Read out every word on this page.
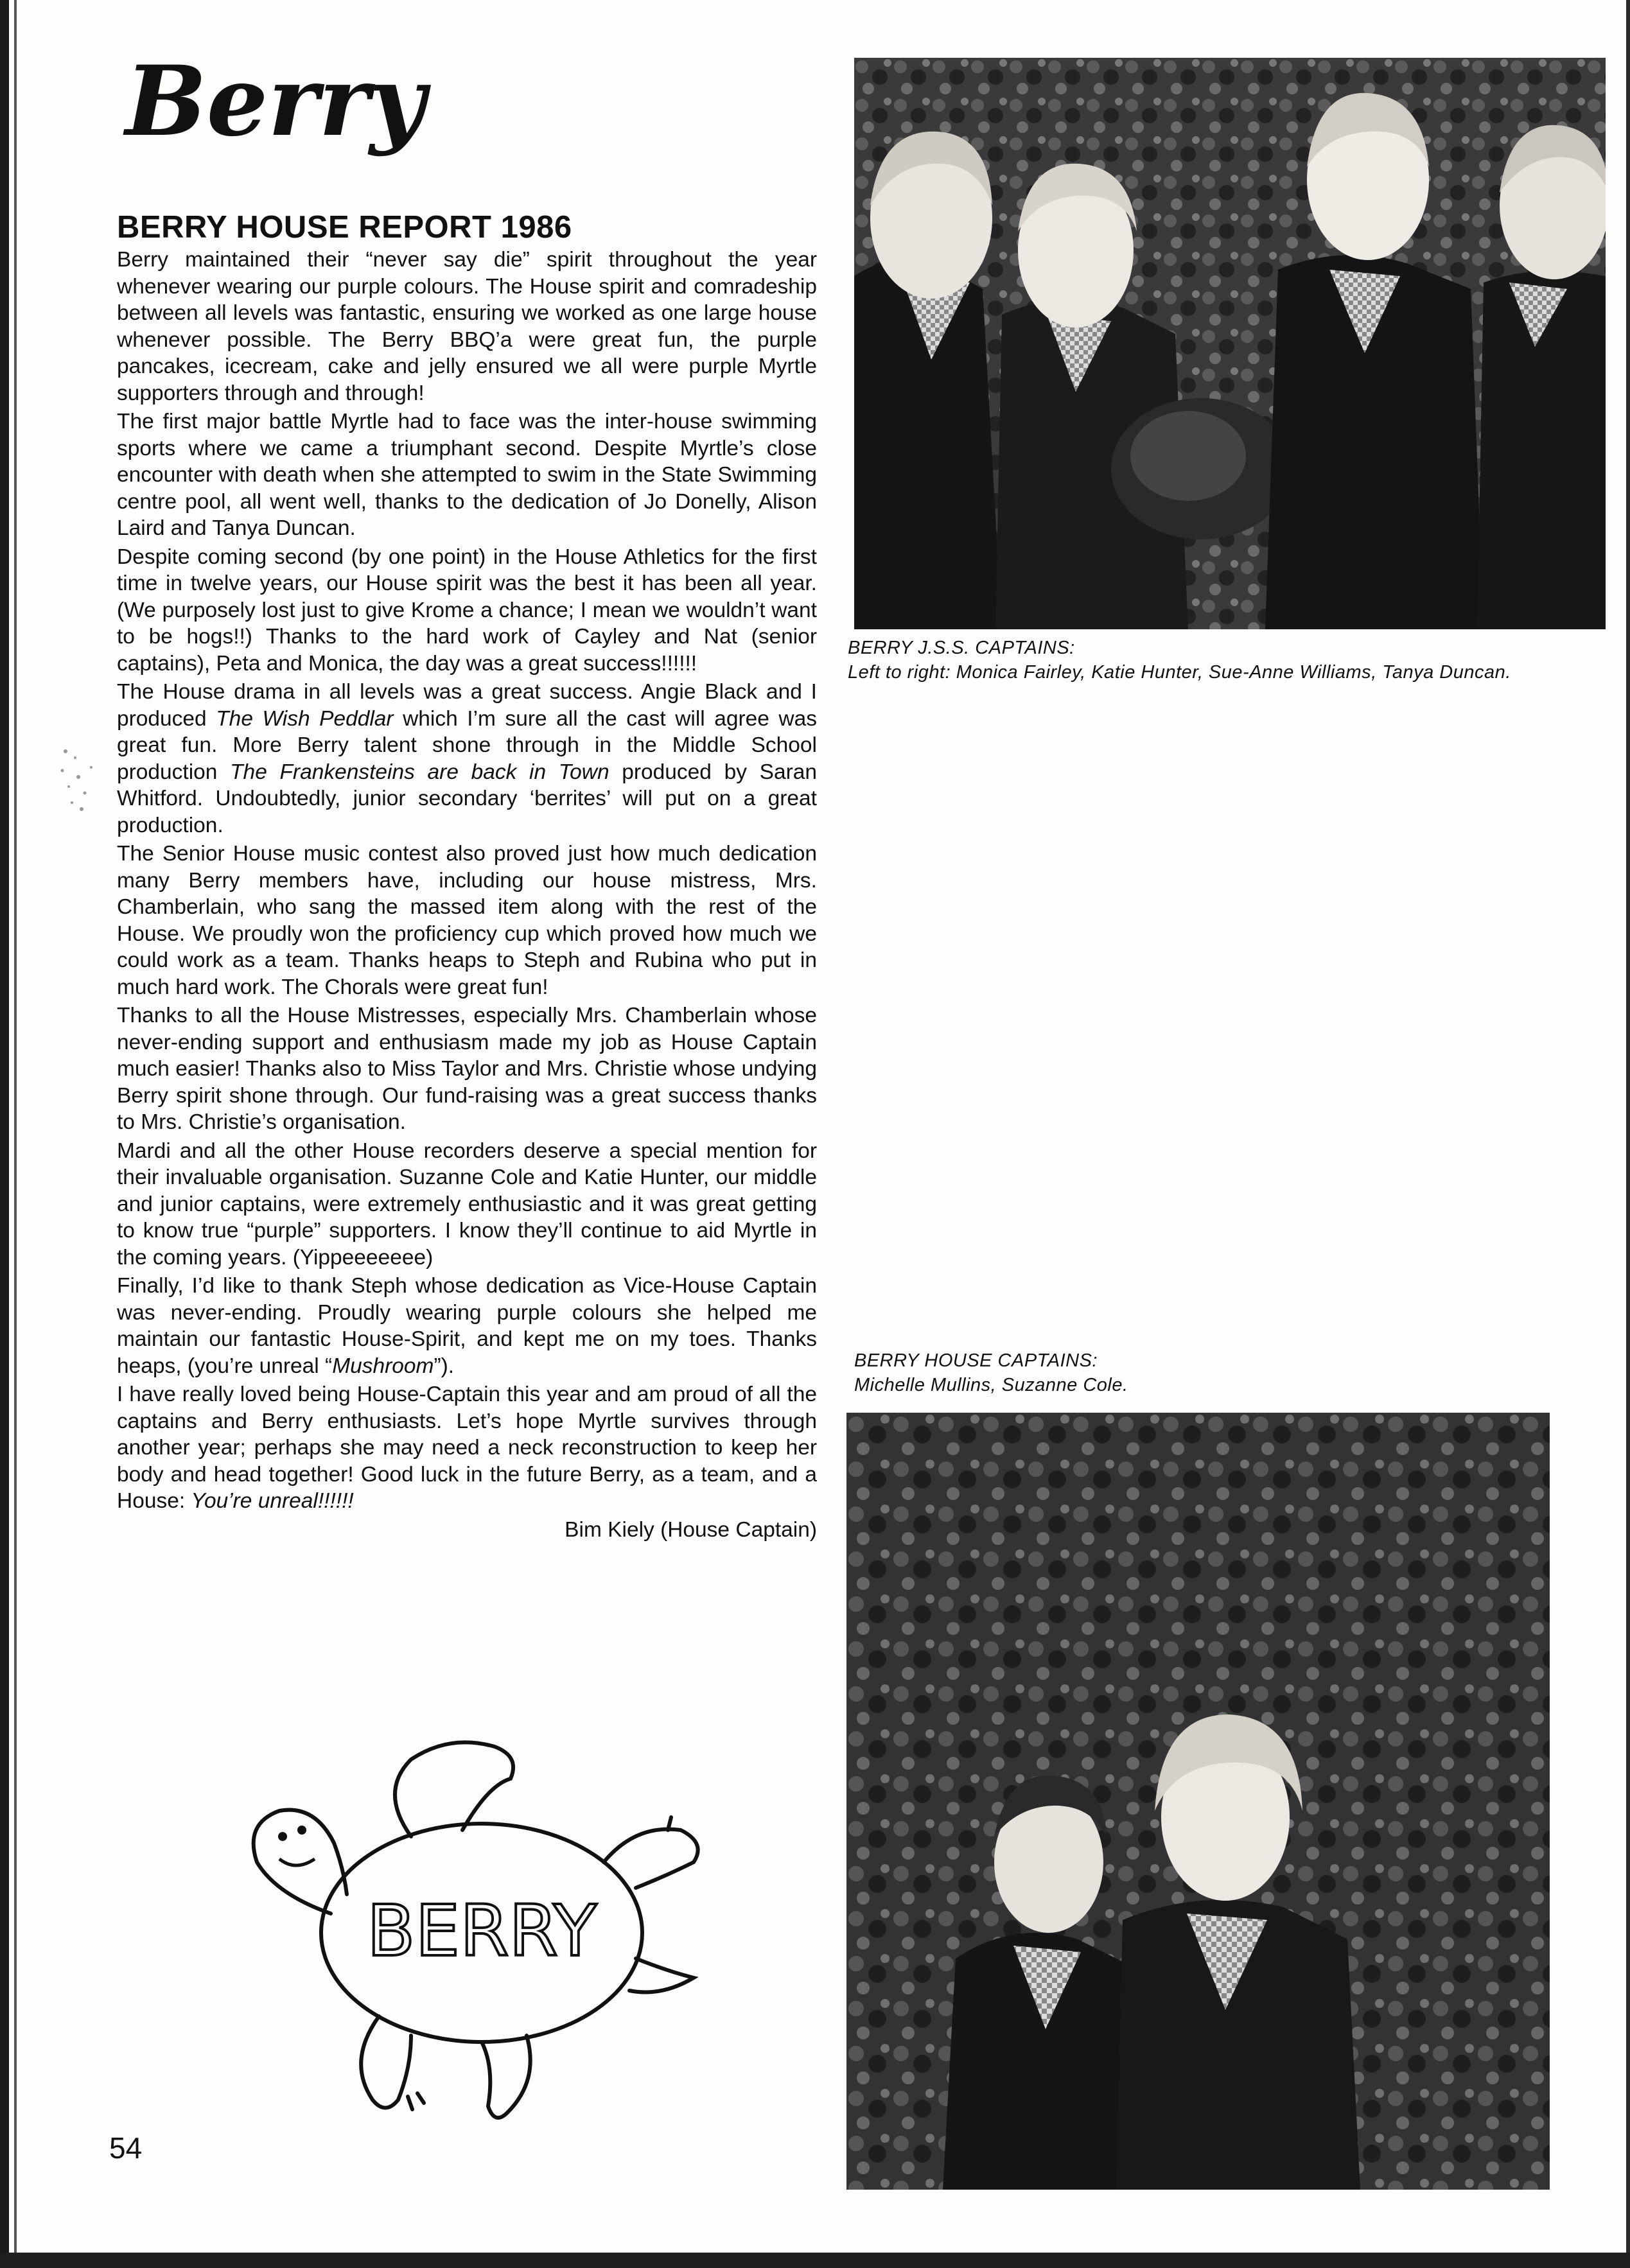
Berry
BERRY HOUSE REPORT 1986

Berry maintained their “never say die” spirit throughout the year whenever wearing our purple colours. The House spirit and comradeship between all levels was fantastic, ensuring we worked as one large house whenever possible. The Berry BBQ’a were great fun, the purple pancakes, icecream, cake and jelly ensured we all were purple Myrtle supporters through and through!

The first major battle Myrtle had to face was the inter-house swimming sports where we came a triumphant second. Despite Myrtle’s close encounter with death when she attempted to swim in the State Swimming centre pool, all went well, thanks to the dedication of Jo Donelly, Alison Laird and Tanya Duncan.

Despite coming second (by one point) in the House Athletics for the first time in twelve years, our House spirit was the best it has been all year. (We purposely lost just to give Krome a chance; I mean we wouldn’t want to be hogs!!) Thanks to the hard work of Cayley and Nat (senior captains), Peta and Monica, the day was a great success!!!!!!

The House drama in all levels was a great success. Angie Black and I produced The Wish Peddlar which I’m sure all the cast will agree was great fun. More Berry talent shone through in the Middle School production The Frankensteins are back in Town produced by Saran Whitford. Undoubtedly, junior secondary ‘berrites’ will put on a great production.

The Senior House music contest also proved just how much dedication many Berry members have, including our house mistress, Mrs. Chamberlain, who sang the massed item along with the rest of the House. We proudly won the proficiency cup which proved how much we could work as a team. Thanks heaps to Steph and Rubina who put in much hard work. The Chorals were great fun!

Thanks to all the House Mistresses, especially Mrs. Chamberlain whose never-ending support and enthusiasm made my job as House Captain much easier! Thanks also to Miss Taylor and Mrs. Christie whose undying Berry spirit shone through. Our fund-raising was a great success thanks to Mrs. Christie’s organisation.

Mardi and all the other House recorders deserve a special mention for their invaluable organisation. Suzanne Cole and Katie Hunter, our middle and junior captains, were extremely enthusiastic and it was great getting to know true “purple” supporters. I know they’ll continue to aid Myrtle in the coming years. (Yippeeeeeee)

Finally, I’d like to thank Steph whose dedication as Vice-House Captain was never-ending. Proudly wearing purple colours she helped me maintain our fantastic House-Spirit, and kept me on my toes. Thanks heaps, (you’re unreal “Mushroom”).

I have really loved being House-Captain this year and am proud of all the captains and Berry enthusiasts. Let’s hope Myrtle survives through another year; perhaps she may need a neck reconstruction to keep her body and head together! Good luck in the future Berry, as a team, and a House: You’re unreal!!!!!!

Bim Kiely (House Captain)
BERRY J.S.S. CAPTAINS:
Left to right: Monica Fairley, Katie Hunter, Sue-Anne Williams, Tanya Duncan.
BERRY HOUSE CAPTAINS:
Michelle Mullins, Suzanne Cole.
BERRY
54
